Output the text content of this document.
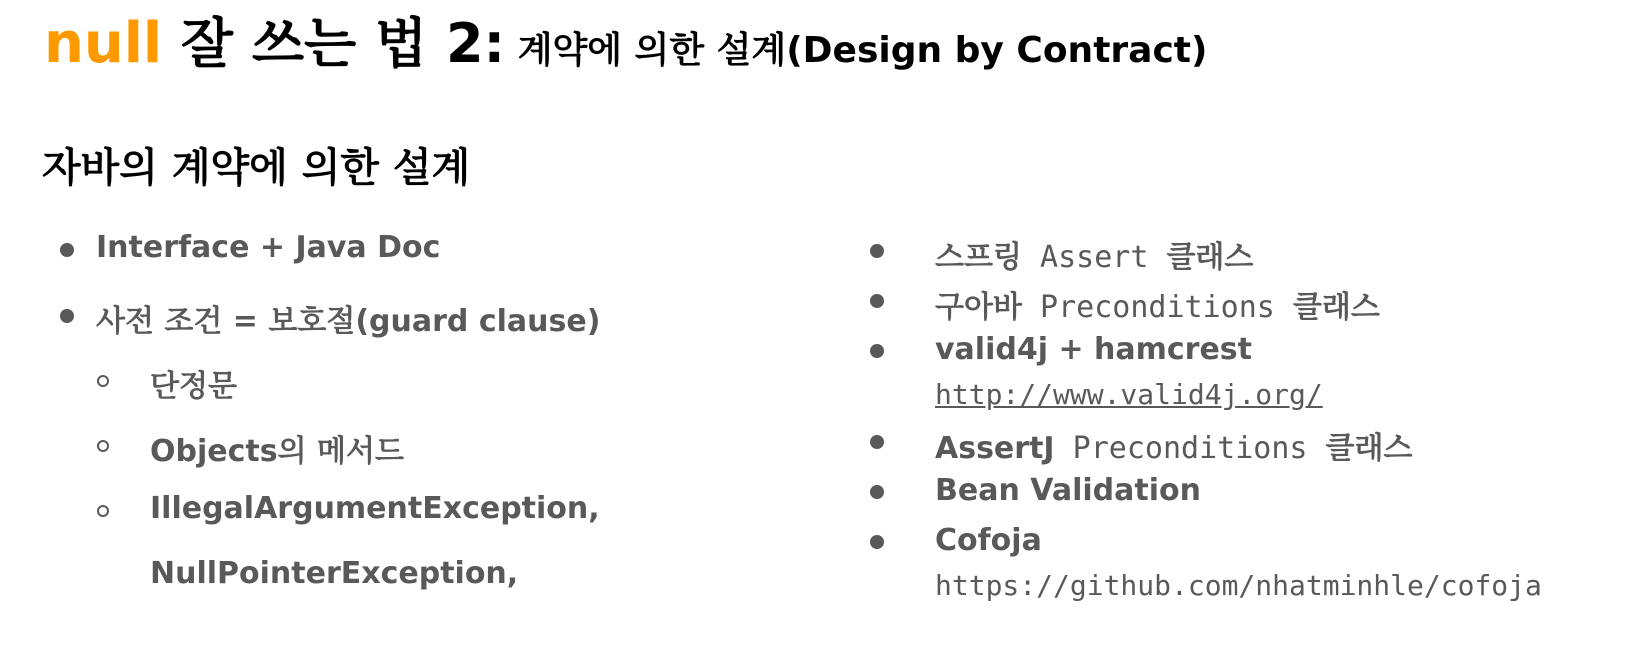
null 잘 쓰는 법 2: 계약에 의한 설계(Design by Contract)
자바의 계약에 의한 설계
Interface + Java Doc
사전 조건 = 보호절(guard clause)
단정문
Objects의 메서드
IllegalArgumentException,
NullPointerException,
스프링 Assert 클래스
구아바 Preconditions 클래스
valid4j + hamcrest
http://www.valid4j.org/
AssertJ Preconditions 클래스
Bean Validation
Cofoja
https://github.com/nhatminhle/cofoja
